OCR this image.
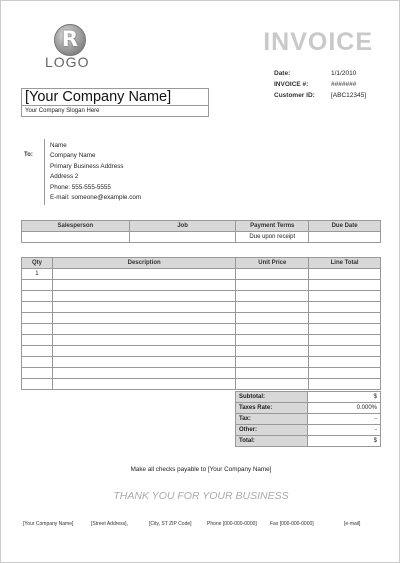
R
LOGO
INVOICE
Date:	1/1/2010
INVOICE #:	#######
Customer ID:	[ABC12345]
[Your Company Name]
Your Company Slogan Here
To:
Name
Company Name
Primary Business Address
Address 2
Phone: 555-555-5555
E-mail: someone@example.com
Salesperson	Job	Payment Terms	Due Date
		Due upon receipt	
Qty	Description	Unit Price	Line Total
1			

Subtotal:	$
Taxes Rate:	0.000%
Tax:	-
Other:	-
Total:	$
Make all checks payable to [Your Company Name]
THANK YOU FOR YOUR BUSINESS
[Your Company Name]	[Street Address],	[City, ST ZIP Code]	Phone [000-000-0000]	Fax [000-000-0000]	[e-mail]
